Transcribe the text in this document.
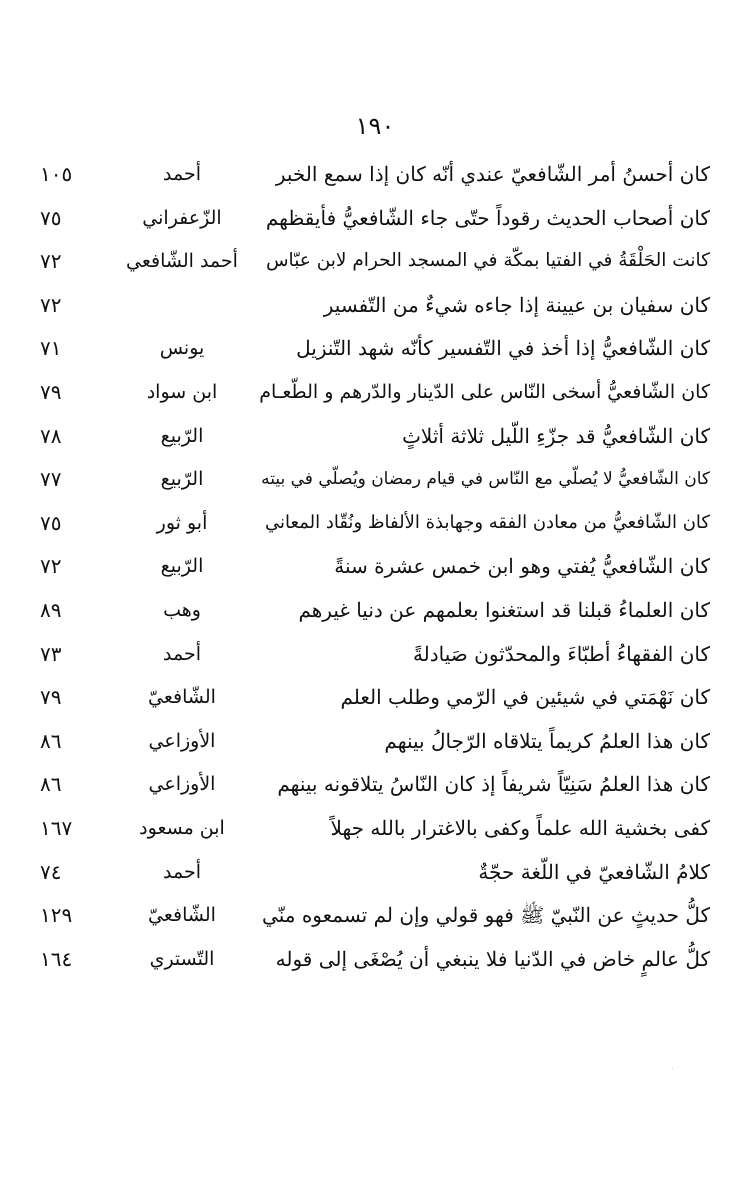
١٩٠
كان أحسنُ أمر الشّافعيّ عندي أنّه كان إذا سمع الخبر
أحمد
١٠٥
كان أصحاب الحديث رقوداً حتّى جاء الشّافعيُّ فأيقظهم
الزّعفراني
٧٥
كانت الحَلْقَةُ في الفتيا بمكّة في المسجد الحرام لابن عبّاس
أحمد الشّافعي
٧٢
كان سفيان بن عيينة إذا جاءه شيءٌ من التّفسير
٧٢
كان الشّافعيُّ إذا أخذ في التّفسير كأنّه شهد التّنزيل
يونس
٧١
كان الشّافعيُّ أسخى النّاس على الدّينار والدّرهم و الطّعـام
ابن سواد
٧٩
كان الشّافعيُّ قد جزّءِ اللّيل ثلاثة أثلاثٍ
الرّبيع
٧٨
كان الشّافعيُّ لا يُصلّي مع النّاس في قيام رمضان ويُصلّي في بيته
الرّبيع
٧٧
كان الشّافعيُّ من معادن الفقه وجهابذة الألفاظ ونُقّاد المعاني
أبو ثور
٧٥
كان الشّافعيُّ يُفتي وهو ابن خمس عشرة سنةً
الرّبيع
٧٢
كان العلماءُ قبلنا قد استغنوا بعلمهم عن دنيا غيرهم
وهب
٨٩
كان الفقهاءُ أطبّاءَ والمحدّثون صَيادلةً
أحمد
٧٣
كان نَهْمَتي في شيئين في الرّمي وطلب العلم
الشّافعيّ
٧٩
كان هذا العلمُ كريماً يتلاقاه الرّجالُ بينهم
الأوزاعي
٨٦
كان هذا العلمُ سَنِيّاً شريفاً إذ كان النّاسُ يتلاقونه بينهم
الأوزاعي
٨٦
كفى بخشية الله علماً وكفى بالاغترار بالله جهلاً
ابن مسعود
١٦٧
كلامُ الشّافعيّ في اللّغة حجّةٌ
أحمد
٧٤
كلُّ حديثٍ عن النّبيّ ﷺ فهو قولي وإن لم تسمعوه منّي
الشّافعيّ
١٢٩
كلُّ عالمٍ خاض في الدّنيا فلا ينبغي أن يُصْغَى إلى قوله
التّستري
١٦٤
